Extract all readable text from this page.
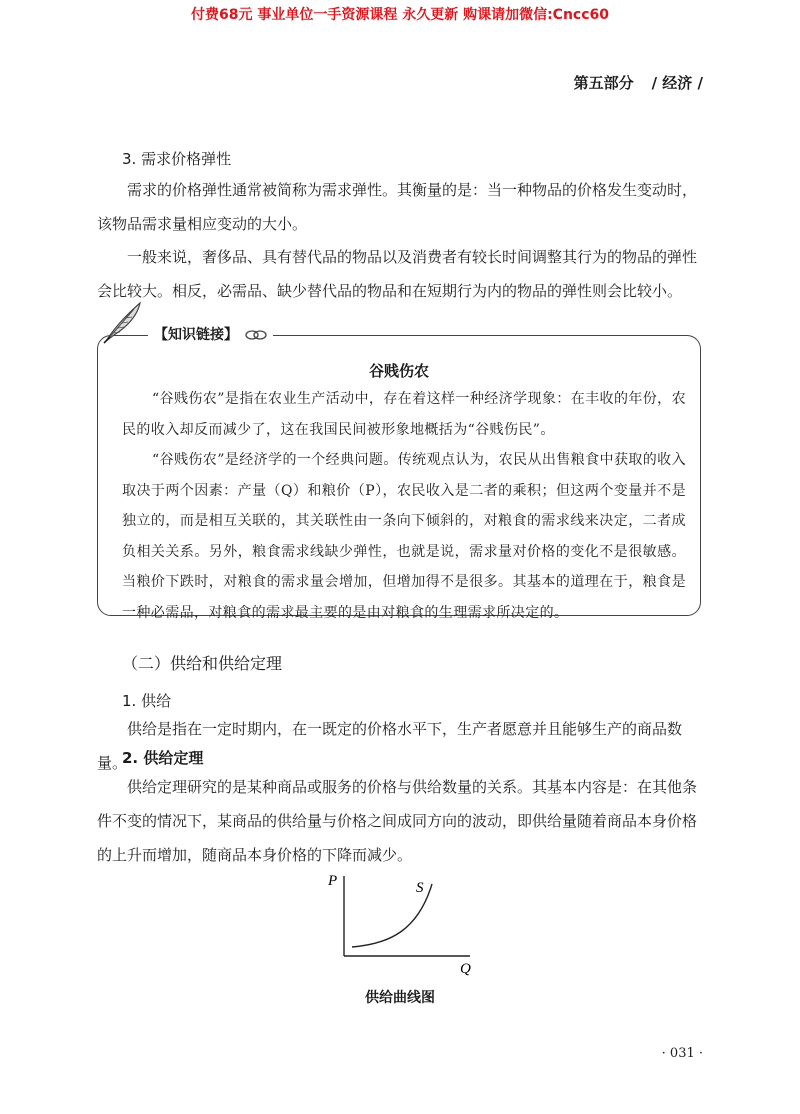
付费68元 事业单位一手资源课程 永久更新 购课请加微信:Cncc60
第五部分 / 经济 /
3. 需求价格弹性

需求的价格弹性通常被简称为需求弹性。其衡量的是：当一种物品的价格发生变动时，该物品需求量相应变动的大小。

一般来说，奢侈品、具有替代品的物品以及消费者有较长时间调整其行为的物品的弹性会比较大。相反，必需品、缺少替代品的物品和在短期行为内的物品的弹性则会比较小。

【知识链接】
谷贱伤农

“谷贱伤农”是指在农业生产活动中，存在着这样一种经济学现象：在丰收的年份，农民的收入却反而减少了，这在我国民间被形象地概括为“谷贱伤民”。

“谷贱伤农”是经济学的一个经典问题。传统观点认为，农民从出售粮食中获取的收入取决于两个因素：产量（Q）和粮价（P），农民收入是二者的乘积；但这两个变量并不是独立的，而是相互关联的，其关联性由一条向下倾斜的，对粮食的需求线来决定，二者成负相关关系。另外，粮食需求线缺少弹性，也就是说，需求量对价格的变化不是很敏感。当粮价下跌时，对粮食的需求量会增加，但增加得不是很多。其基本的道理在于，粮食是一种必需品，对粮食的需求最主要的是由对粮食的生理需求所决定的。

（二）供给和供给定理
1. 供给

供给是指在一定时期内，在一既定的价格水平下，生产者愿意并且能够生产的商品数量。

2. 供给定理

供给定理研究的是某种商品或服务的价格与供给数量的关系。其基本内容是：在其他条件不变的情况下，某商品的供给量与价格之间成同方向的波动，即供给量随着商品本身价格的上升而增加，随商品本身价格的下降而减少。

P	S
Q
供给曲线图
· 031 ·
